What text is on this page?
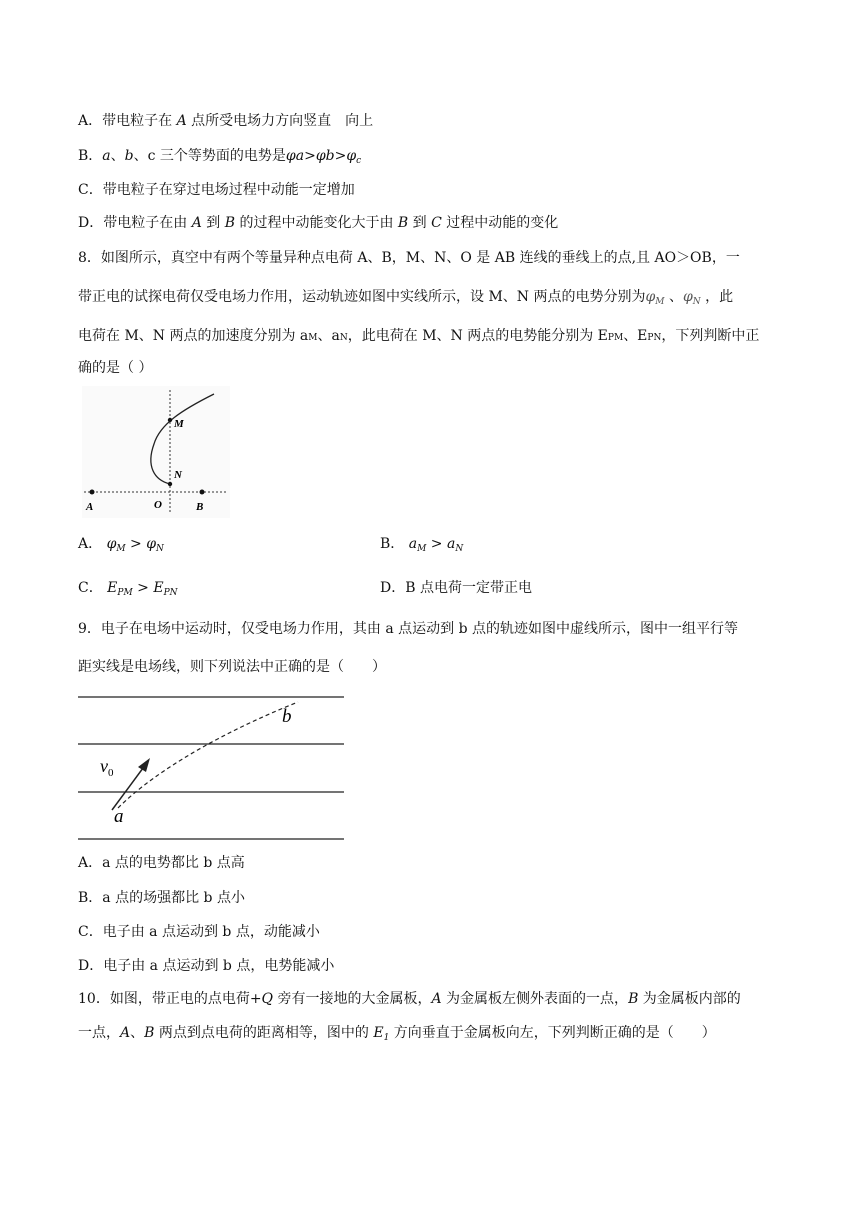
A．带电粒子在 A 点所受电场力方向竖直　向上
B．a、b、c 三个等势面的电势是$\varphi a>\varphi b>\varphi_c$
C．带电粒子在穿过电场过程中动能一定增加
D．带电粒子在由 A 到 B 的过程中动能变化大于由 B 到 C 过程中动能的变化
8．如图所示，真空中有两个等量异种点电荷 A、B，M、N、O 是 AB 连线的垂线上的点,且 AO＞OB，一
带正电的试探电荷仅受电场力作用，运动轨迹如图中实线所示，设 M、N 两点的电势分别为$\varphi_M$ 、$\varphi_N$ ，此
电荷在 M、N 两点的加速度分别为 aM、aN，此电荷在 M、N 两点的电势能分别为 EPM、EPN，下列判断中正
确的是（ ）
M
N
O
A	B
A． $\varphi_M > \varphi_N$	B． $a_M > a_N$
C． $E_{PM} > E_{PN}$	D．B 点电荷一定带正电
9．电子在电场中运动时，仅受电场力作用，其由 a 点运动到 b 点的轨迹如图中虚线所示，图中一组平行等
距实线是电场线，则下列说法中正确的是（　　）
b
$v_0$
a
A．a 点的电势都比 b 点高
B．a 点的场强都比 b 点小
C．电子由 a 点运动到 b 点，动能减小
D．电子由 a 点运动到 b 点，电势能减小
10．如图，带正电的点电荷+Q 旁有一接地的大金属板，A 为金属板左侧外表面的一点，B 为金属板内部的
一点，A、B 两点到点电荷的距离相等，图中的 $E_1$ 方向垂直于金属板向左，下列判断正确的是（　　）
